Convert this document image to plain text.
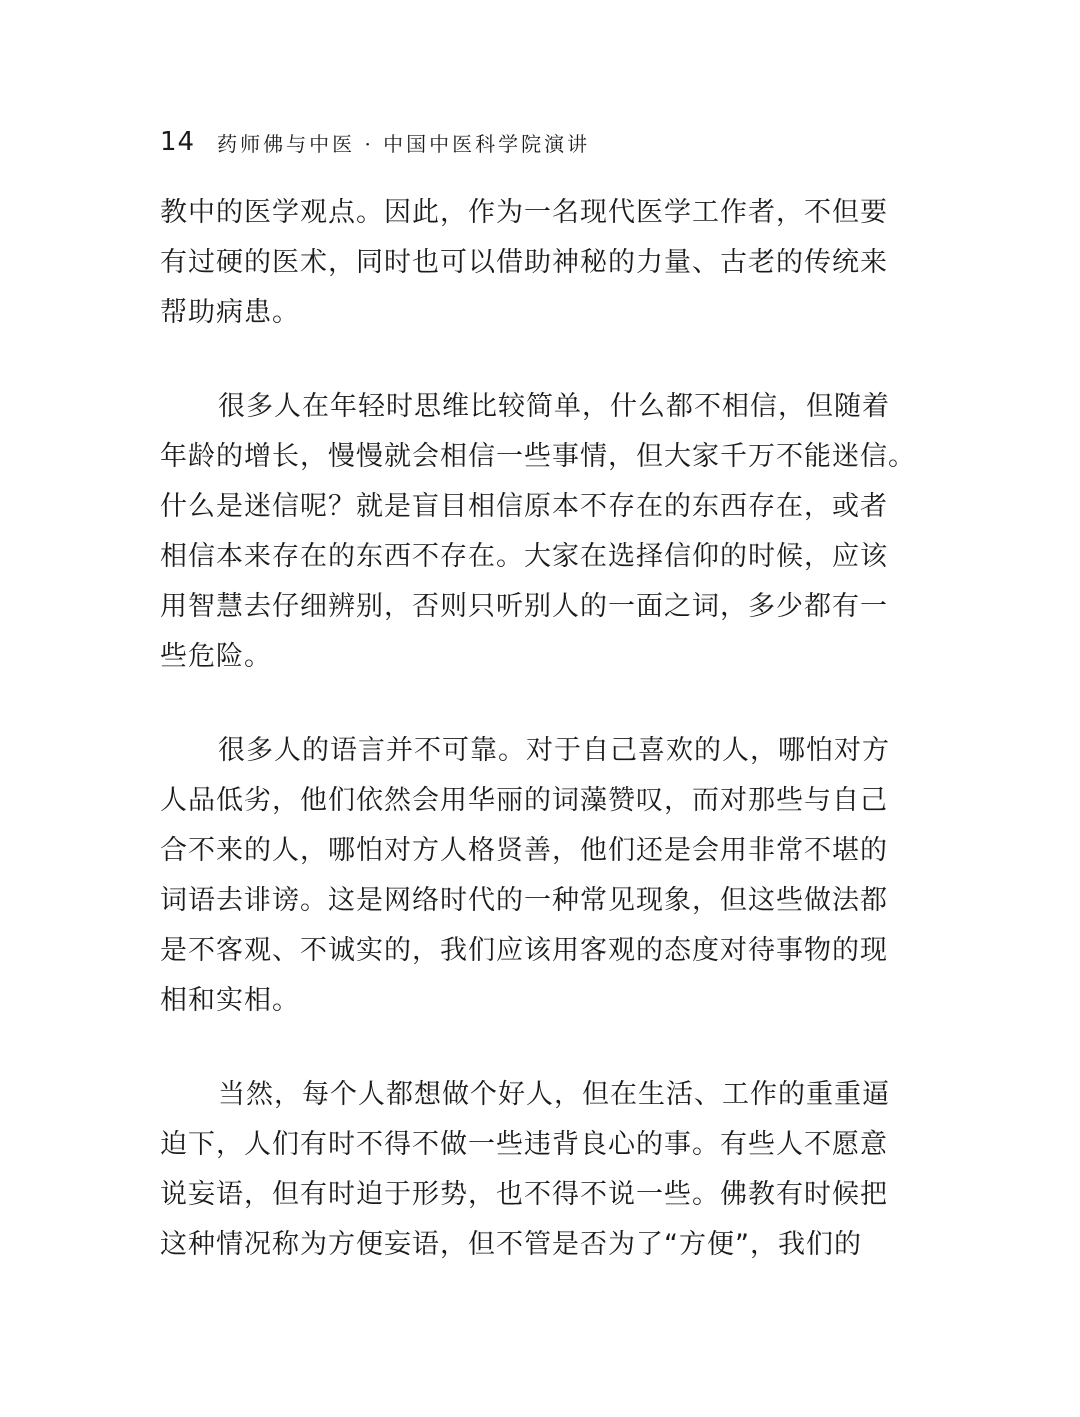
14 药师佛与中医 · 中国中医科学院演讲

教中的医学观点。因此，作为一名现代医学工作者，不但要
有过硬的医术，同时也可以借助神秘的力量、古老的传统来
帮助病患。

很多人在年轻时思维比较简单，什么都不相信，但随着
年龄的增长，慢慢就会相信一些事情，但大家千万不能迷信。
什么是迷信呢？就是盲目相信原本不存在的东西存在，或者
相信本来存在的东西不存在。大家在选择信仰的时候，应该
用智慧去仔细辨别，否则只听别人的一面之词，多少都有一
些危险。

很多人的语言并不可靠。对于自己喜欢的人，哪怕对方
人品低劣，他们依然会用华丽的词藻赞叹，而对那些与自己
合不来的人，哪怕对方人格贤善，他们还是会用非常不堪的
词语去诽谤。这是网络时代的一种常见现象，但这些做法都
是不客观、不诚实的，我们应该用客观的态度对待事物的现
相和实相。

当然，每个人都想做个好人，但在生活、工作的重重逼
迫下，人们有时不得不做一些违背良心的事。有些人不愿意
说妄语，但有时迫于形势，也不得不说一些。佛教有时候把
这种情况称为方便妄语，但不管是否为了“方便”，我们的
